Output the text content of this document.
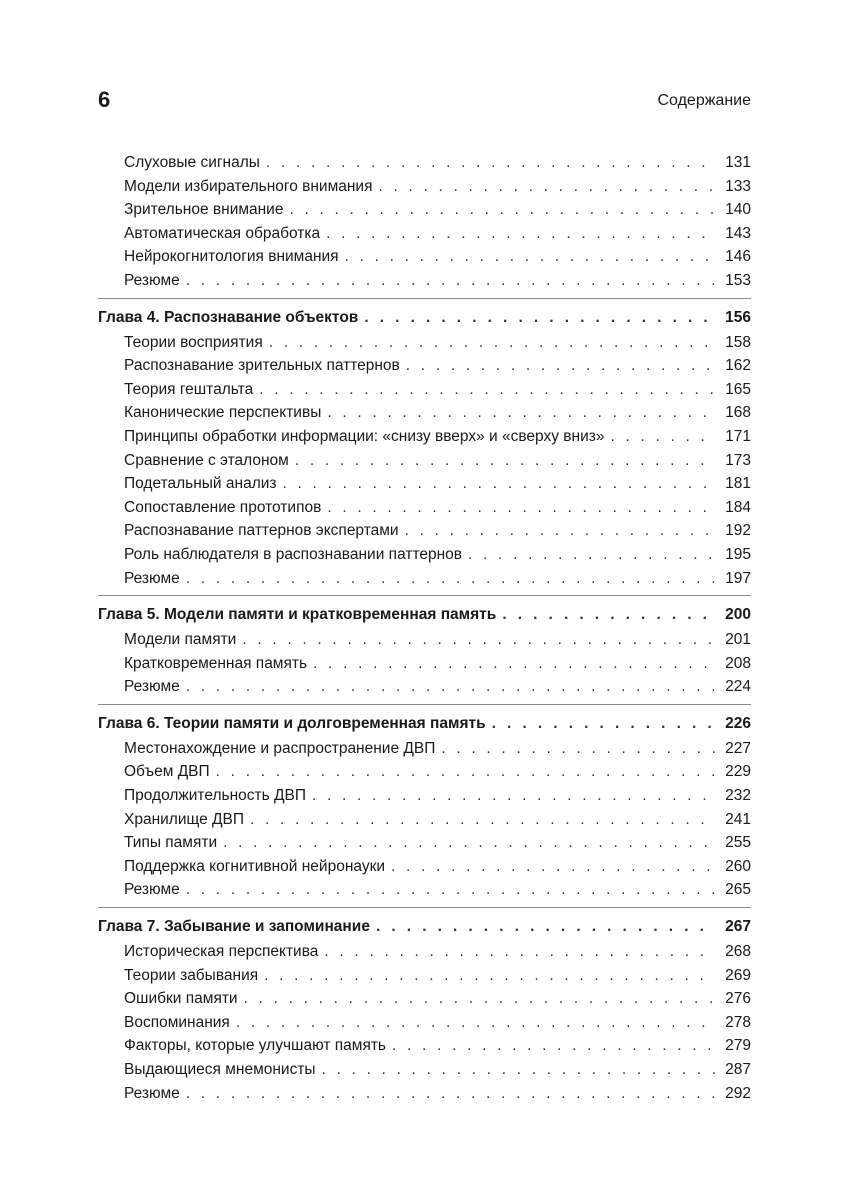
6	Содержание
Слуховые сигналы . . .	131
Модели избирательного внимания . . .	133
Зрительное внимание . . .	140
Автоматическая обработка . . .	143
Нейрокогнитология внимания . . .	146
Резюме . . .	153
Глава 4. Распознавание объектов . . .	156
Теории восприятия . . .	158
Распознавание зрительных паттернов . . .	162
Теория гештальта . . .	165
Канонические перспективы . . .	168
Принципы обработки информации: «снизу вверх» и «сверху вниз» . . .	171
Сравнение с эталоном . . .	173
Подетальный анализ . . .	181
Сопоставление прототипов . . .	184
Распознавание паттернов экспертами . . .	192
Роль наблюдателя в распознавании паттернов . . .	195
Резюме . . .	197
Глава 5. Модели памяти и кратковременная память . . .	200
Модели памяти . . .	201
Кратковременная память . . .	208
Резюме . . .	224
Глава 6. Теории памяти и долговременная память . . .	226
Местонахождение и распространение ДВП . . .	227
Объем ДВП . . .	229
Продолжительность ДВП . . .	232
Хранилище ДВП . . .	241
Типы памяти . . .	255
Поддержка когнитивной нейронауки . . .	260
Резюме . . .	265
Глава 7. Забывание и запоминание . . .	267
Историческая перспектива . . .	268
Теории забывания . . .	269
Ошибки памяти . . .	276
Воспоминания . . .	278
Факторы, которые улучшают память . . .	279
Выдающиеся мнемонисты . . .	287
Резюме . . .	292
